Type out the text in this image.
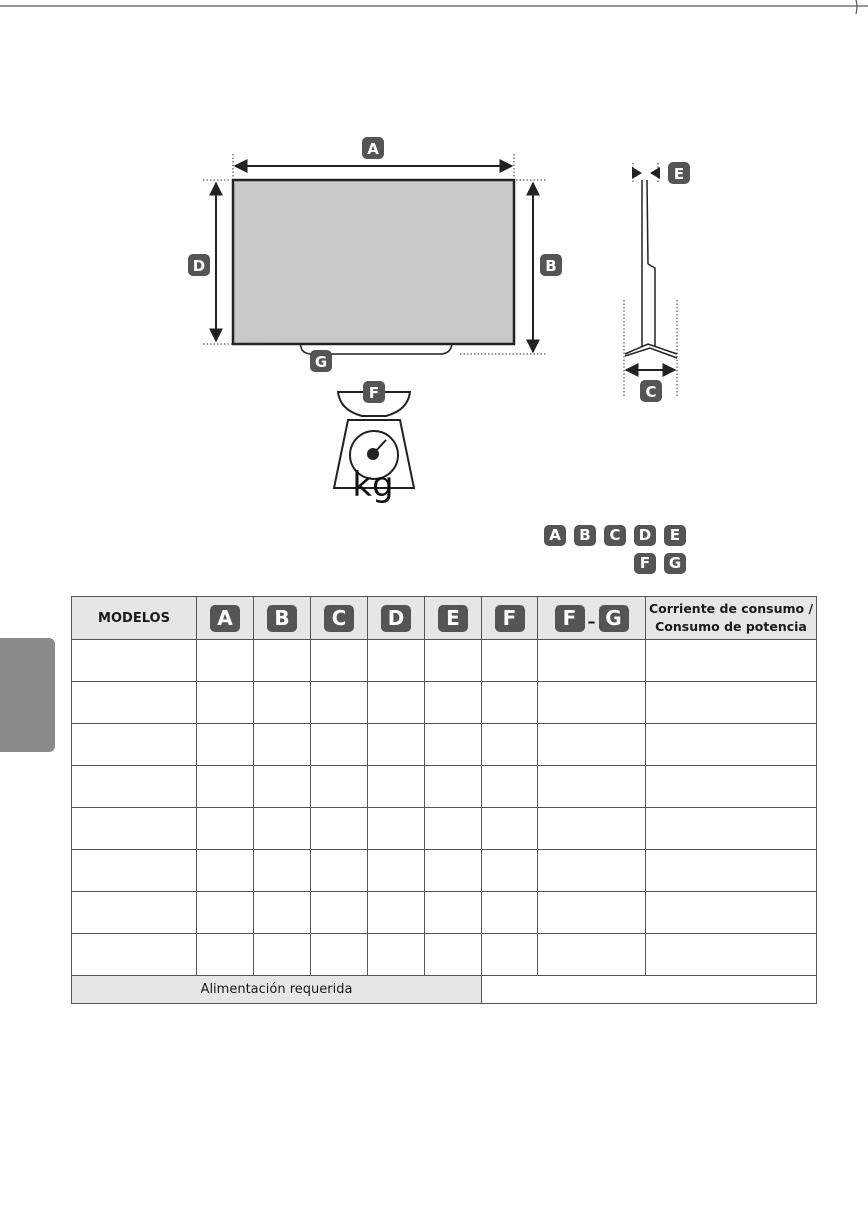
kg
A
B
D
G
F
E
C
A	B	C	D	E
F	G
MODELOS	A	B	C	D	E	F	F – G	Corriente de consumo /
Consumo de potencia

Alimentación requerida								
